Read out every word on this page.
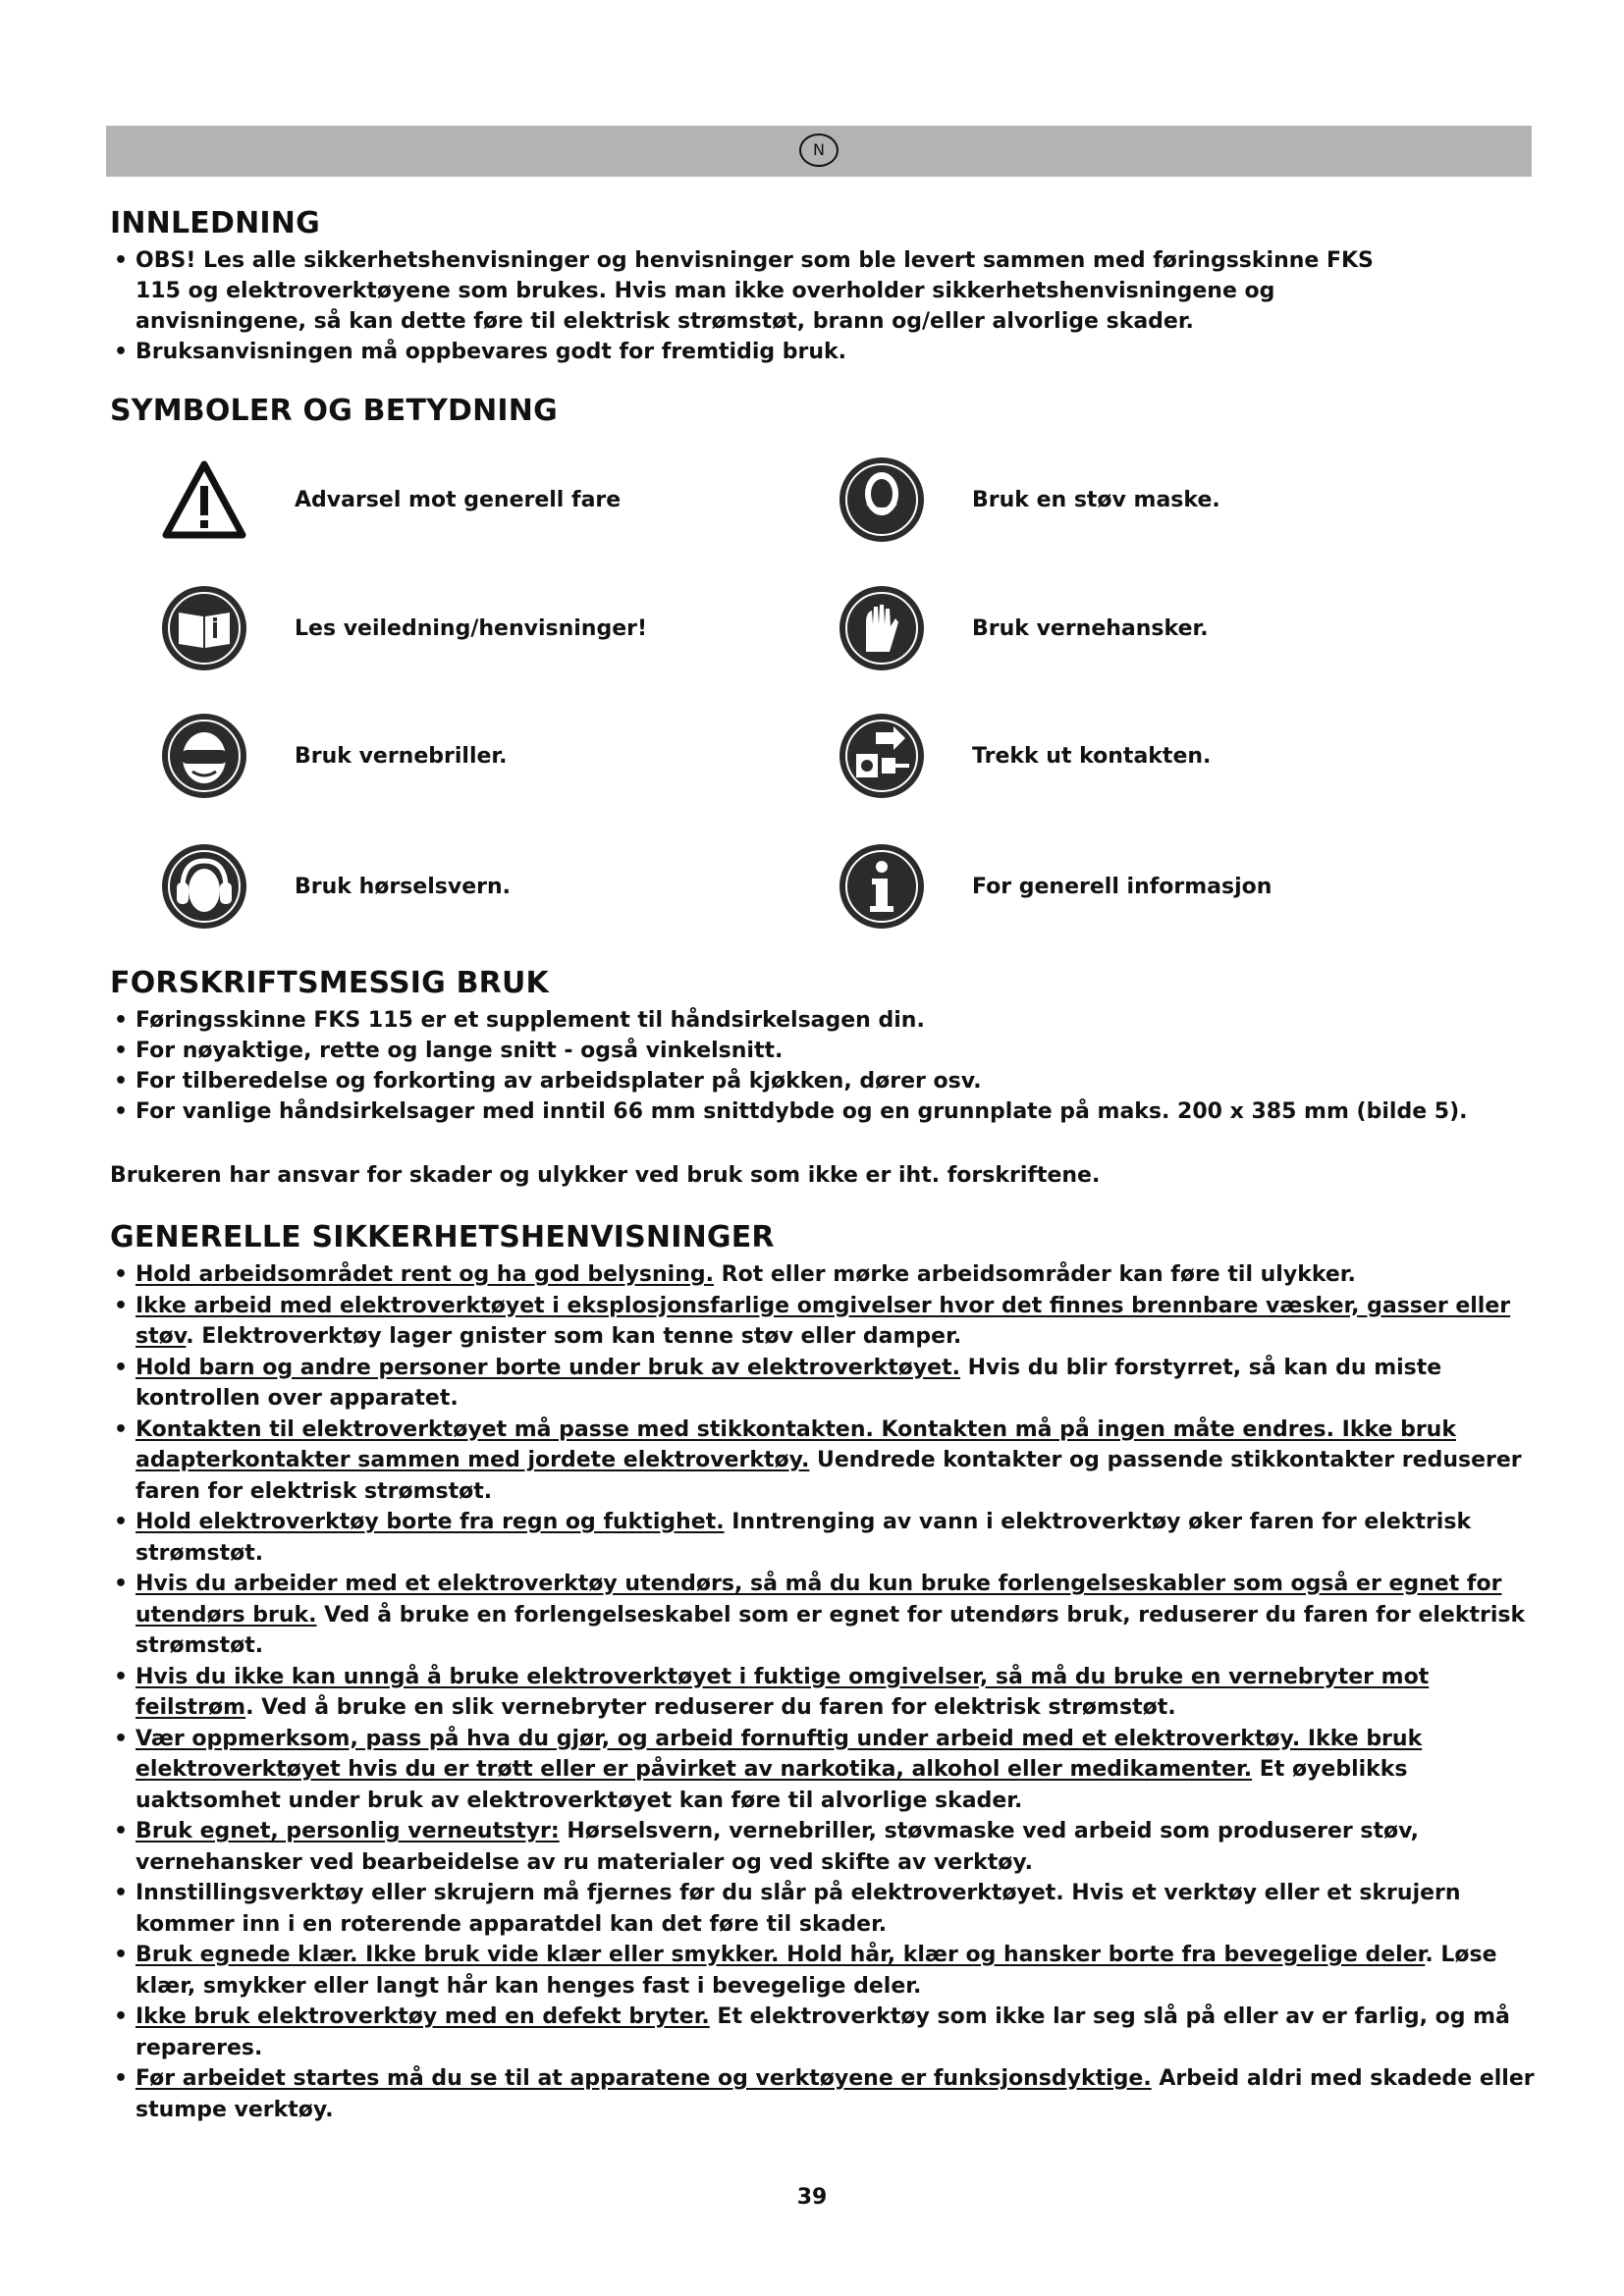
N
INNLEDNING
• OBS! Les alle sikkerhetshenvisninger og henvisninger som ble levert sammen med føringsskinne FKS 115 og elektroverktøyene som brukes. Hvis man ikke overholder sikkerhetshenvisningene og anvisningene, så kan dette føre til elektrisk strømstøt, brann og/eller alvorlige skader.
• Bruksanvisningen må oppbevares godt for fremtidig bruk.
SYMBOLER OG BETYDNING
Advarsel mot generell fare	Bruk en støv maske.
Les veiledning/henvisninger!	Bruk vernehansker.
Bruk vernebriller.	Trekk ut kontakten.
Bruk hørselsvern.	For generell informasjon
FORSKRIFTSMESSIG BRUK
• Føringsskinne FKS 115 er et supplement til håndsirkelsagen din.
• For nøyaktige, rette og lange snitt - også vinkelsnitt.
• For tilberedelse og forkorting av arbeidsplater på kjøkken, dører osv.
• For vanlige håndsirkelsager med inntil 66 mm snittdybde og en grunnplate på maks. 200 x 385 mm (bilde 5).

Brukeren har ansvar for skader og ulykker ved bruk som ikke er iht. forskriftene.

GENERELLE SIKKERHETSHENVISNINGER
• Hold arbeidsområdet rent og ha god belysning. Rot eller mørke arbeidsområder kan føre til ulykker.
• Ikke arbeid med elektroverktøyet i eksplosjonsfarlige omgivelser hvor det finnes brennbare væsker, gasser eller støv. Elektroverktøy lager gnister som kan tenne støv eller damper.
• Hold barn og andre personer borte under bruk av elektroverktøyet. Hvis du blir forstyrret, så kan du miste kontrollen over apparatet.
• Kontakten til elektroverktøyet må passe med stikkontakten. Kontakten må på ingen måte endres. Ikke bruk adapterkontakter sammen med jordete elektroverktøy. Uendrede kontakter og passende stikkontakter reduserer faren for elektrisk strømstøt.
• Hold elektroverktøy borte fra regn og fuktighet. Inntrenging av vann i elektroverktøy øker faren for elektrisk strømstøt.
• Hvis du arbeider med et elektroverktøy utendørs, så må du kun bruke forlengelseskabler som også er egnet for utendørs bruk. Ved å bruke en forlengelseskabel som er egnet for utendørs bruk, reduserer du faren for elektrisk strømstøt.
• Hvis du ikke kan unngå å bruke elektroverktøyet i fuktige omgivelser, så må du bruke en vernebryter mot feilstrøm. Ved å bruke en slik vernebryter reduserer du faren for elektrisk strømstøt.
• Vær oppmerksom, pass på hva du gjør, og arbeid fornuftig under arbeid med et elektroverktøy. Ikke bruk elektroverktøyet hvis du er trøtt eller er påvirket av narkotika, alkohol eller medikamenter. Et øyeblikks uaktsomhet under bruk av elektroverktøyet kan føre til alvorlige skader.
• Bruk egnet, personlig verneutstyr: Hørselsvern, vernebriller, støvmaske ved arbeid som produserer støv, vernehansker ved bearbeidelse av ru materialer og ved skifte av verktøy.
• Innstillingsverktøy eller skrujern må fjernes før du slår på elektroverktøyet. Hvis et verktøy eller et skrujern kommer inn i en roterende apparatdel kan det føre til skader.
• Bruk egnede klær. Ikke bruk vide klær eller smykker. Hold hår, klær og hansker borte fra bevegelige deler. Løse klær, smykker eller langt hår kan henges fast i bevegelige deler.
• Ikke bruk elektroverktøy med en defekt bryter. Et elektroverktøy som ikke lar seg slå på eller av er farlig, og må repareres.
• Før arbeidet startes må du se til at apparatene og verktøyene er funksjonsdyktige. Arbeid aldri med skadede eller stumpe verktøy.
39
